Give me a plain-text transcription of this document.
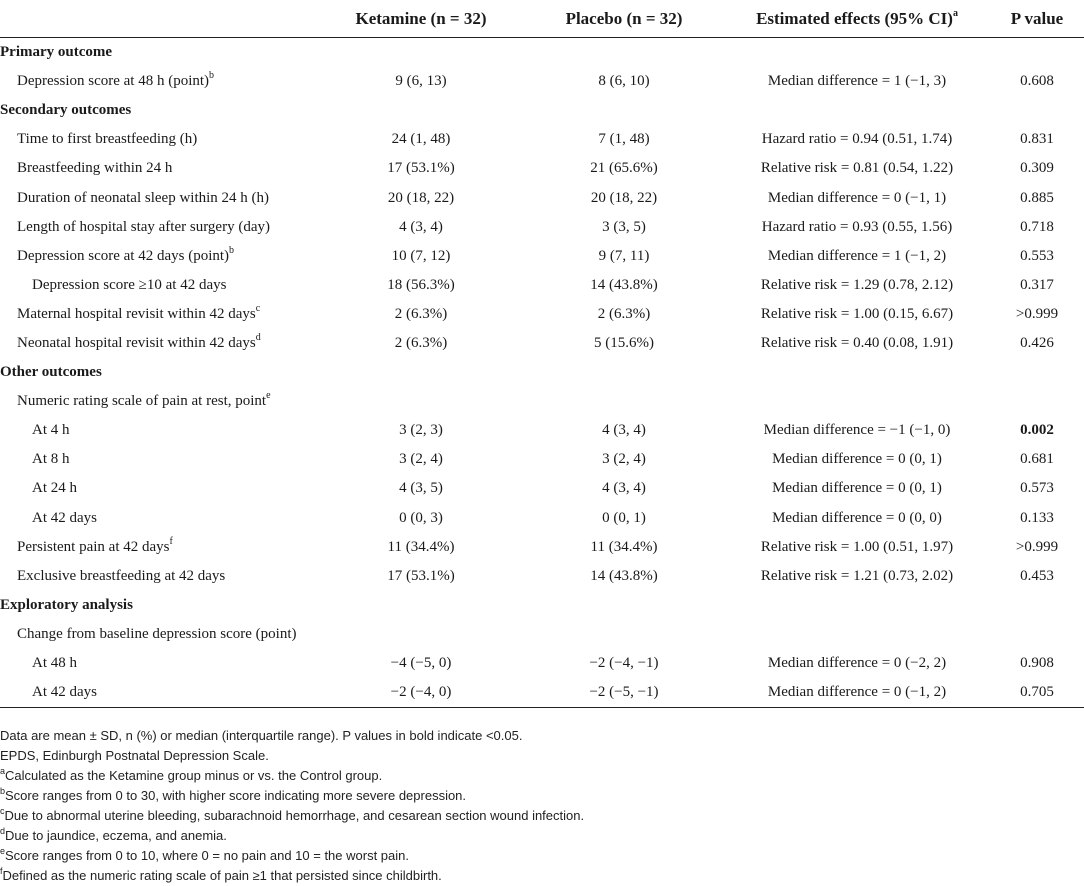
	Ketamine (n = 32)	Placebo (n = 32)	Estimated effects (95% CI)$^a$	P value
Primary outcome				
Depression score at 48 h (point)$^b$	9 (6, 13)	8 (6, 10)	Median difference = 1 (−1, 3)	0.608
Secondary outcomes				
Time to first breastfeeding (h)	24 (1, 48)	7 (1, 48)	Hazard ratio = 0.94 (0.51, 1.74)	0.831
Breastfeeding within 24 h	17 (53.1%)	21 (65.6%)	Relative risk = 0.81 (0.54, 1.22)	0.309
Duration of neonatal sleep within 24 h (h)	20 (18, 22)	20 (18, 22)	Median difference = 0 (−1, 1)	0.885
Length of hospital stay after surgery (day)	4 (3, 4)	3 (3, 5)	Hazard ratio = 0.93 (0.55, 1.56)	0.718
Depression score at 42 days (point)$^b$	10 (7, 12)	9 (7, 11)	Median difference = 1 (−1, 2)	0.553
Depression score ≥10 at 42 days	18 (56.3%)	14 (43.8%)	Relative risk = 1.29 (0.78, 2.12)	0.317
Maternal hospital revisit within 42 days$^c$	2 (6.3%)	2 (6.3%)	Relative risk = 1.00 (0.15, 6.67)	>0.999
Neonatal hospital revisit within 42 days$^d$	2 (6.3%)	5 (15.6%)	Relative risk = 0.40 (0.08, 1.91)	0.426
Other outcomes				
Numeric rating scale of pain at rest, point$^e$				
At 4 h	3 (2, 3)	4 (3, 4)	Median difference = −1 (−1, 0)	0.002
At 8 h	3 (2, 4)	3 (2, 4)	Median difference = 0 (0, 1)	0.681
At 24 h	4 (3, 5)	4 (3, 4)	Median difference = 0 (0, 1)	0.573
At 42 days	0 (0, 3)	0 (0, 1)	Median difference = 0 (0, 0)	0.133
Persistent pain at 42 days$^f$	11 (34.4%)	11 (34.4%)	Relative risk = 1.00 (0.51, 1.97)	>0.999
Exclusive breastfeeding at 42 days	17 (53.1%)	14 (43.8%)	Relative risk = 1.21 (0.73, 2.02)	0.453
Exploratory analysis				
Change from baseline depression score (point)				
At 48 h	−4 (−5, 0)	−2 (−4, −1)	Median difference = 0 (−2, 2)	0.908
At 42 days	−2 (−4, 0)	−2 (−5, −1)	Median difference = 0 (−1, 2)	0.705
Data are mean ± SD, n (%) or median (interquartile range). P values in bold indicate <0.05.
EPDS, Edinburgh Postnatal Depression Scale.
$^a$Calculated as the Ketamine group minus or vs. the Control group.
$^b$Score ranges from 0 to 30, with higher score indicating more severe depression.
$^c$Due to abnormal uterine bleeding, subarachnoid hemorrhage, and cesarean section wound infection.
$^d$Due to jaundice, eczema, and anemia.
$^e$Score ranges from 0 to 10, where 0 = no pain and 10 = the worst pain.
$^f$Defined as the numeric rating scale of pain ≥1 that persisted since childbirth.
